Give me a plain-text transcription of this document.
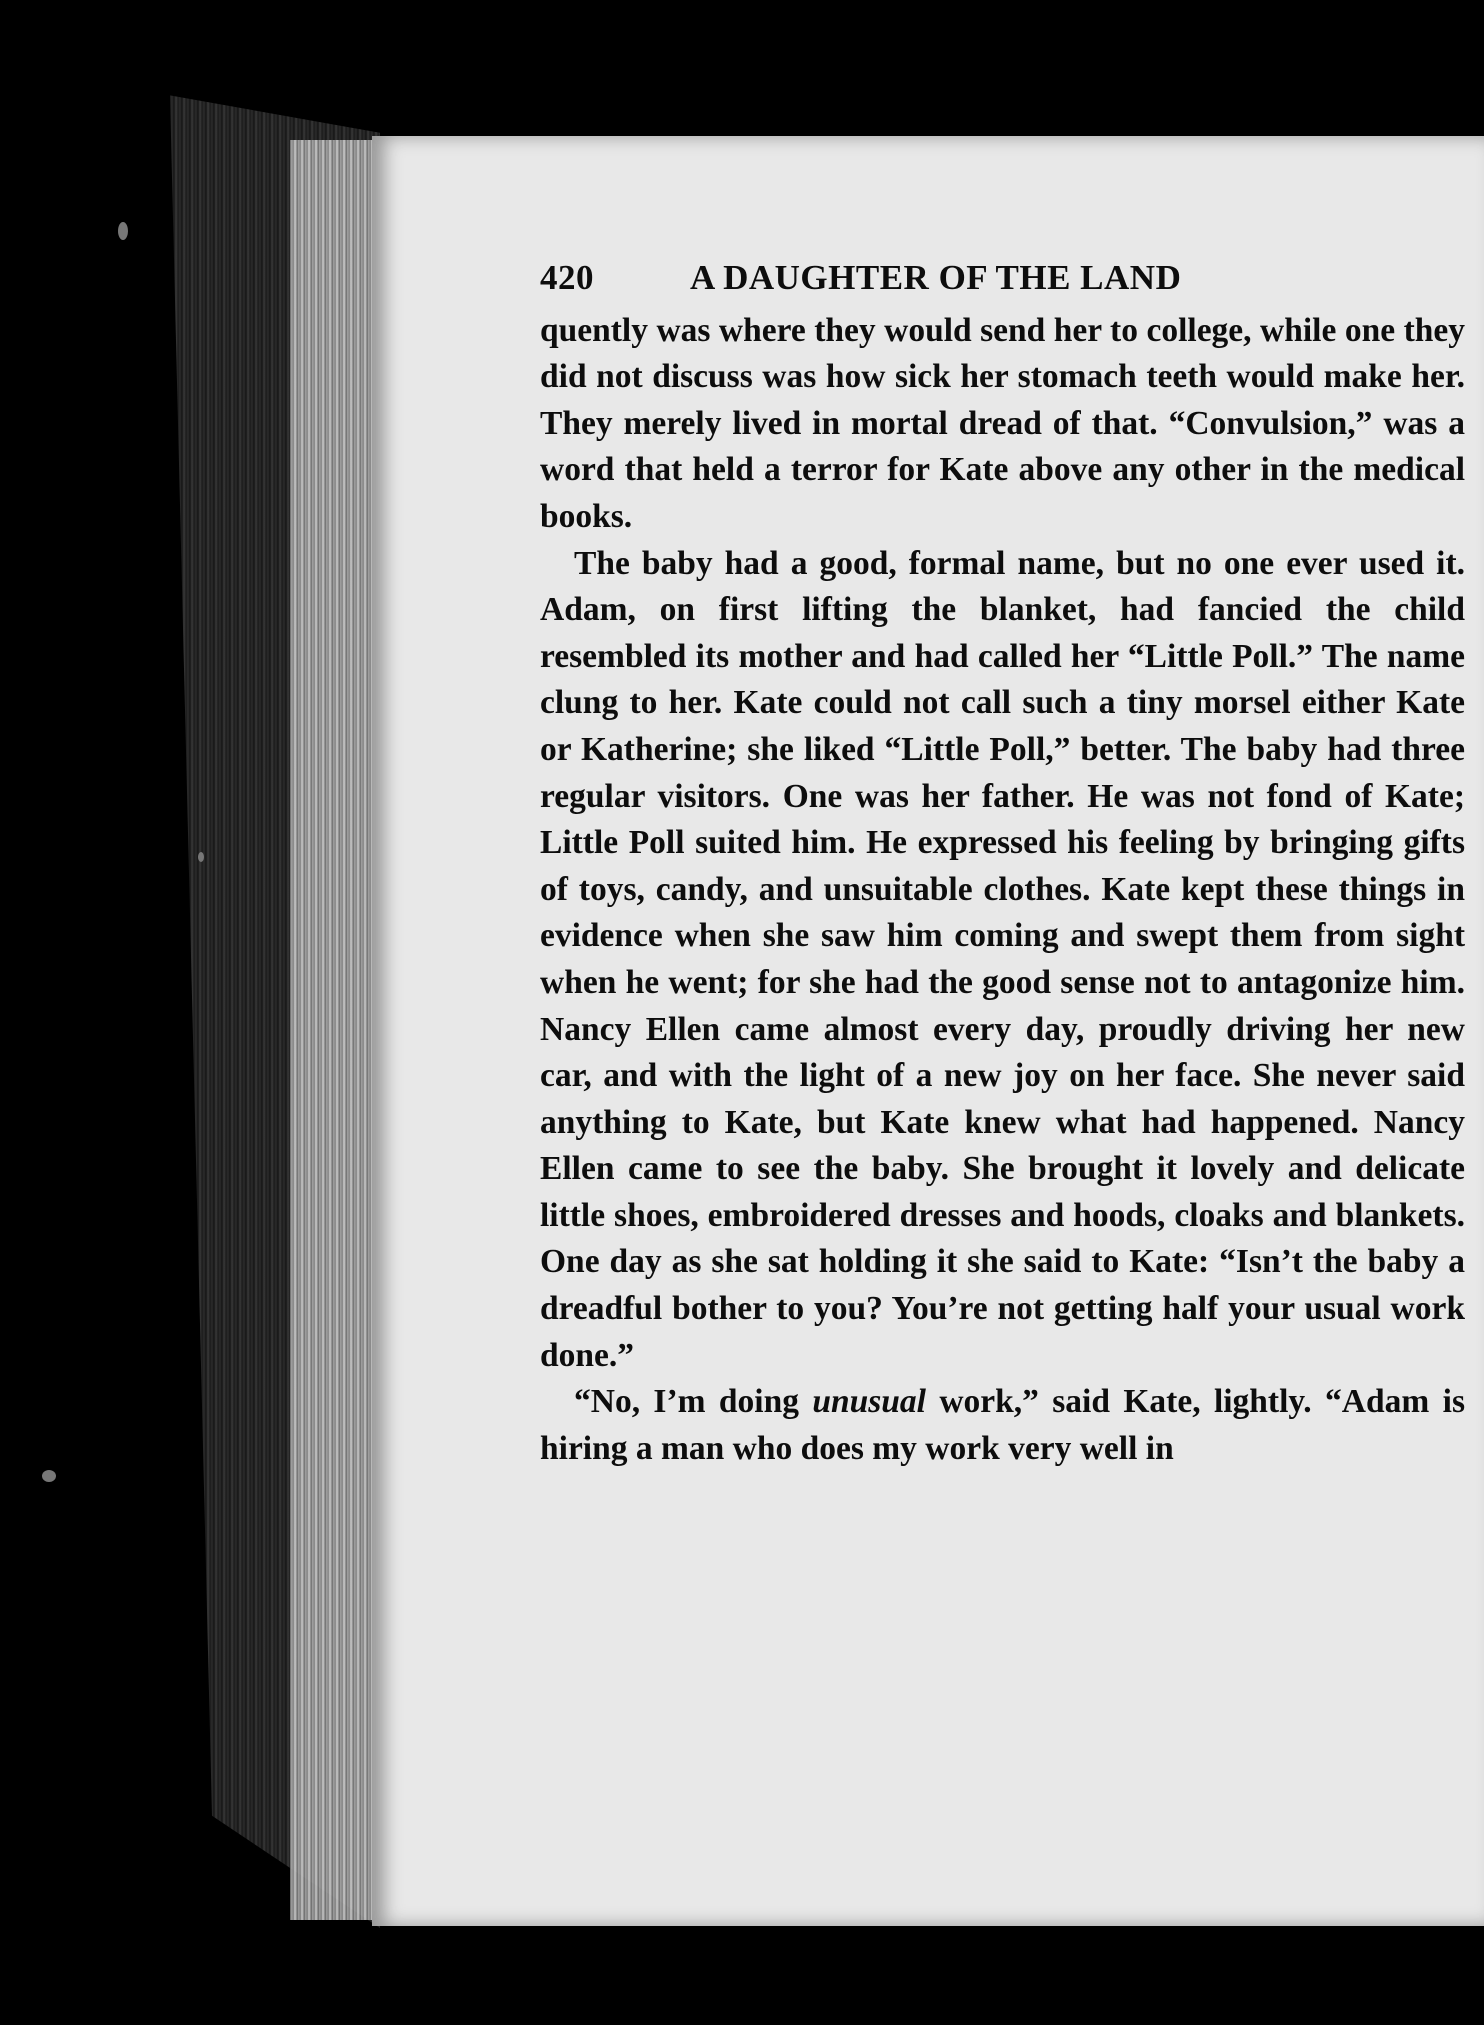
420	A DAUGHTER OF THE LAND

quently was where they would send her to college, while one they did not discuss was how sick her stomach teeth would make her. They merely lived in mortal dread of that. “Convulsion,” was a word that held a terror for Kate above any other in the medical books.

The baby had a good, formal name, but no one ever used it. Adam, on first lifting the blanket, had fancied the child resembled its mother and had called her “Little Poll.” The name clung to her. Kate could not call such a tiny morsel either Kate or Katherine; she liked “Little Poll,” better. The baby had three regular visitors. One was her father. He was not fond of Kate; Little Poll suited him. He expressed his feeling by bringing gifts of toys, candy, and unsuitable clothes. Kate kept these things in evidence when she saw him coming and swept them from sight when he went; for she had the good sense not to antagonize him. Nancy Ellen came almost every day, proudly driving her new car, and with the light of a new joy on her face. She never said anything to Kate, but Kate knew what had happened. Nancy Ellen came to see the baby. She brought it lovely and delicate little shoes, embroidered dresses and hoods, cloaks and blankets. One day as she sat holding it she said to Kate: “Isn’t the baby a dreadful bother to you? You’re not getting half your usual work done.”

“No, I’m doing unusual work,” said Kate, lightly. “Adam is hiring a man who does my work very well in
